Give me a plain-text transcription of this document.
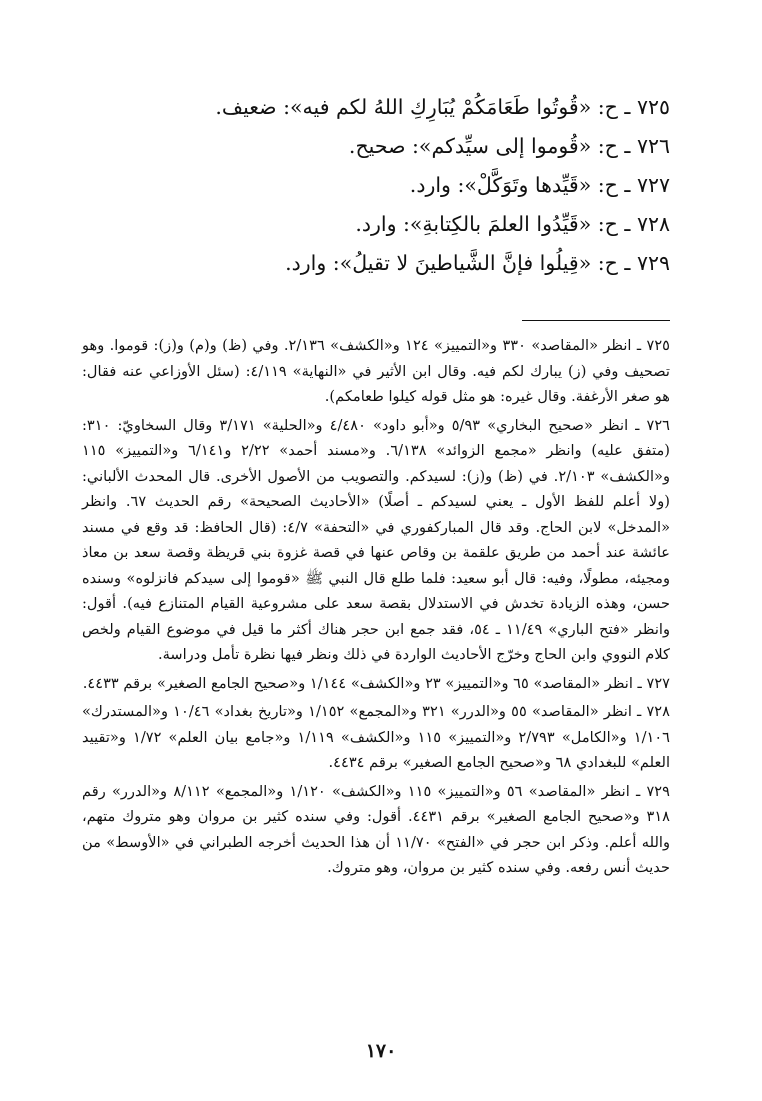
٧٢٥ ـ ح: «قُوتُوا طَعَامَكُمْ يُبَارِكِ اللهُ لكم فيه»: ضعيف.
٧٢٦ ـ ح: «قُوموا إلى سيِّدكم»: صحيح.
٧٢٧ ـ ح: «قَيِّدها وتَوَكَّلْ»: وارد.
٧٢٨ ـ ح: «قَيِّدُوا العلمَ بالكِتابةِ»: وارد.
٧٢٩ ـ ح: «قِيلُوا فإنَّ الشَّياطينَ لا تقيلُ»: وارد.

٧٢٥ ـ انظر «المقاصد» ٣٣٠ و«التمييز» ١٢٤ و«الكشف» ٢/١٣٦. وفي (ظ) و(م) و(ز): قوموا. وهو تصحيف وفي (ز) يبارك لكم فيه. وقال ابن الأثير في «النهاية» ٤/١١٩: (سئل الأوزاعي عنه فقال: هو صغر الأرغفة. وقال غيره: هو مثل قوله كيلوا طعامكم).

٧٢٦ ـ انظر «صحيح البخاري» ٥/٩٣ و«أبو داود» ٤/٤٨٠ و«الحلية» ٣/١٧١ وقال السخاويّ: ٣١٠: (متفق عليه) وانظر «مجمع الزوائد» ٦/١٣٨. و«مسند أحمد» ٢/٢٢ و٦/١٤١ و«التمييز» ١١٥ و«الكشف» ٢/١٠٣. في (ظ) و(ز): لسيدكم. والتصويب من الأصول الأخرى. قال المحدث الألباني: (ولا أعلم للفظ الأول ـ يعني لسيدكم ـ أصلًا) «الأحاديث الصحيحة» رقم الحديث ٦٧. وانظر «المدخل» لابن الحاج. وقد قال المباركفوري في «التحفة» ٤/٧: (قال الحافظ: قد وقع في مسند عائشة عند أحمد من طريق علقمة بن وقاص عنها في قصة غزوة بني قريظة وقصة سعد بن معاذ ومجيئه، مطولًا، وفيه: قال أبو سعيد: فلما طلع قال النبي ﷺ «قوموا إلى سيدكم فانزلوه» وسنده حسن، وهذه الزيادة تخدش في الاستدلال بقصة سعد على مشروعية القيام المتنازع فيه). أقول: وانظر «فتح الباري» ١١/٤٩ ـ ٥٤، فقد جمع ابن حجر هناك أكثر ما قيل في موضوع القيام ولخص كلام النووي وابن الحاج وخرّج الأحاديث الواردة في ذلك ونظر فيها نظرة تأمل ودراسة.

٧٢٧ ـ انظر «المقاصد» ٦٥ و«التمييز» ٢٣ و«الكشف» ١/١٤٤ و«صحيح الجامع الصغير» برقم ٤٤٣٣.

٧٢٨ ـ انظر «المقاصد» ٥٥ و«الدرر» ٣٢١ و«المجمع» ١/١٥٢ و«تاريخ بغداد» ١٠/٤٦ و«المستدرك» ١/١٠٦ و«الكامل» ٢/٧٩٣ و«التمييز» ١١٥ و«الكشف» ١/١١٩ و«جامع بيان العلم» ١/٧٢ و«تقييد العلم» للبغدادي ٦٨ و«صحيح الجامع الصغير» برقم ٤٤٣٤.

٧٢٩ ـ انظر «المقاصد» ٥٦ و«التمييز» ١١٥ و«الكشف» ١/١٢٠ و«المجمع» ٨/١١٢ و«الدرر» رقم ٣١٨ و«صحيح الجامع الصغير» برقم ٤٤٣١. أقول: وفي سنده كثير بن مروان وهو متروك متهم، والله أعلم. وذكر ابن حجر في «الفتح» ١١/٧٠ أن هذا الحديث أخرجه الطبراني في «الأوسط» من حديث أنس رفعه. وفي سنده كثير بن مروان، وهو متروك.

١٧٠
